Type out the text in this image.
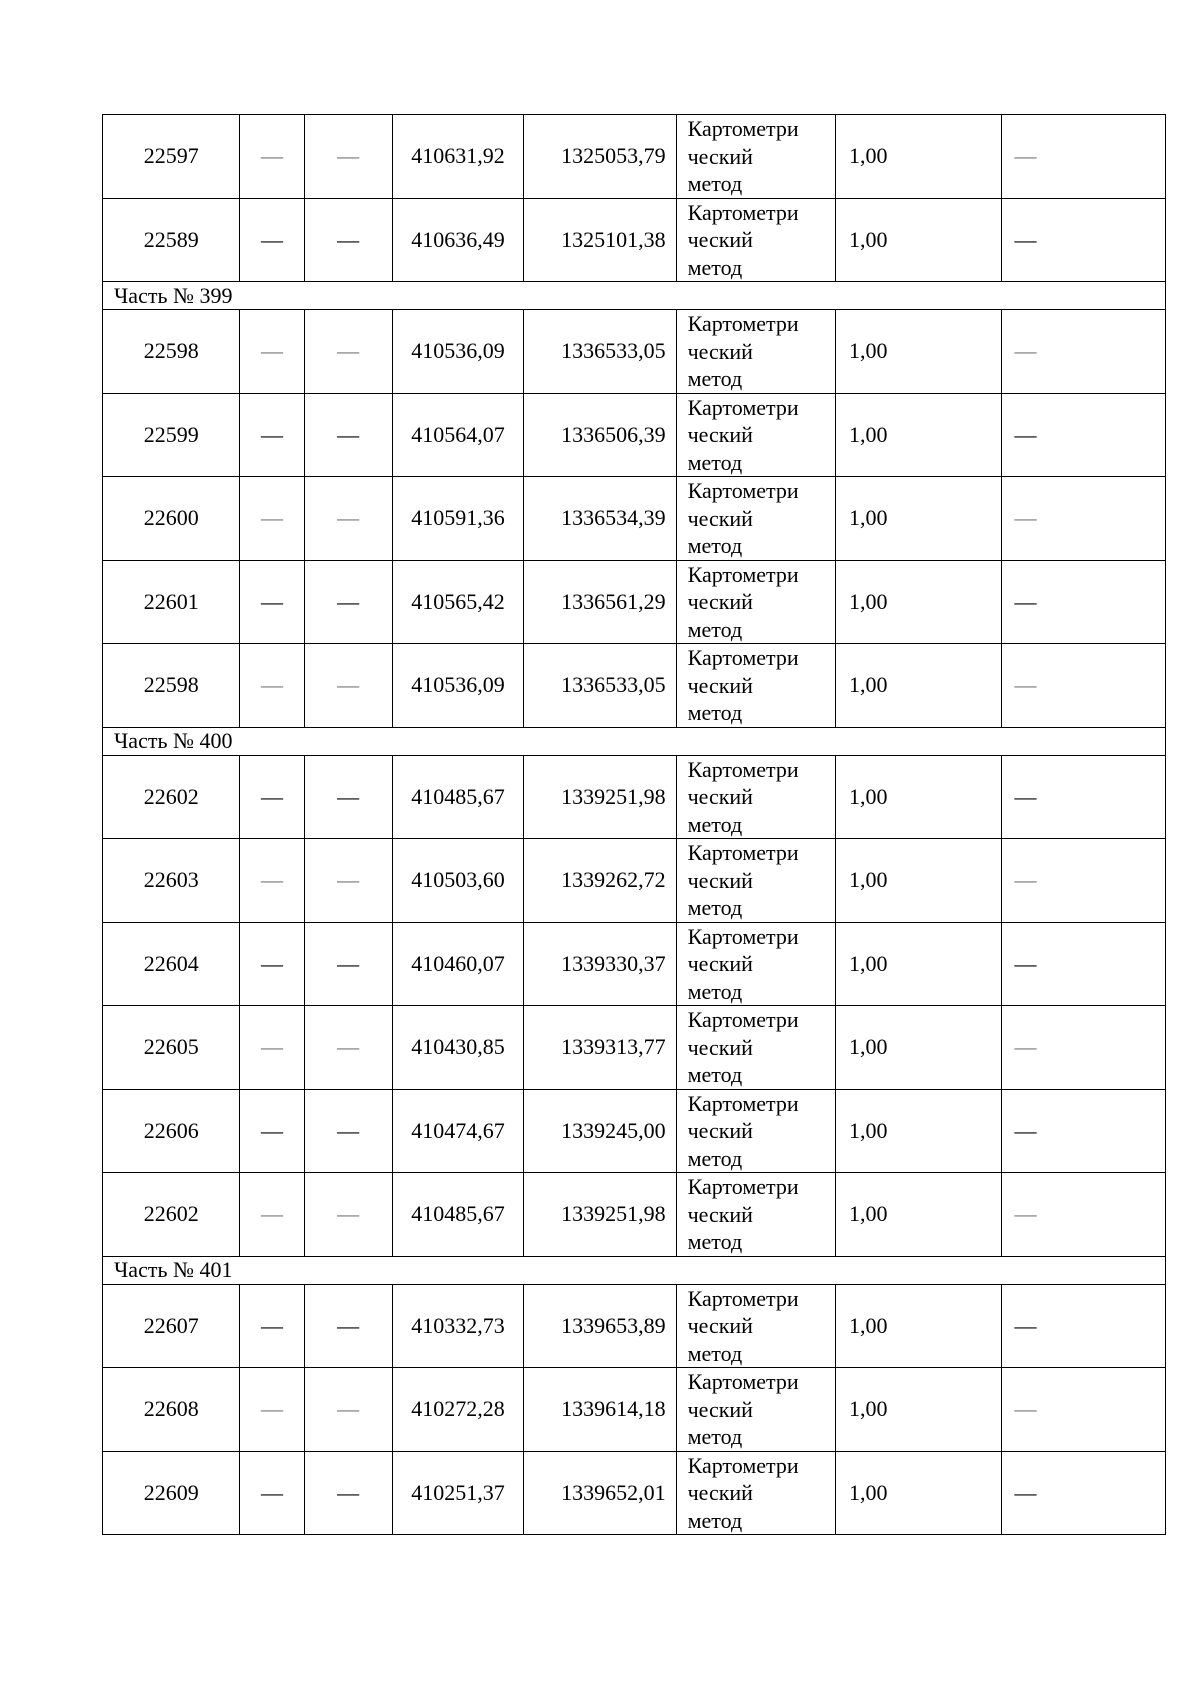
22597	—	—	410631,92	1325053,79	Картометри
ческий
метод	1,00	—
22589	—	—	410636,49	1325101,38	Картометри
ческий
метод	1,00	—
Часть № 399							
22598	—	—	410536,09	1336533,05	Картометри
ческий
метод	1,00	—
22599	—	—	410564,07	1336506,39	Картометри
ческий
метод	1,00	—
22600	—	—	410591,36	1336534,39	Картометри
ческий
метод	1,00	—
22601	—	—	410565,42	1336561,29	Картометри
ческий
метод	1,00	—
22598	—	—	410536,09	1336533,05	Картометри
ческий
метод	1,00	—
Часть № 400							
22602	—	—	410485,67	1339251,98	Картометри
ческий
метод	1,00	—
22603	—	—	410503,60	1339262,72	Картометри
ческий
метод	1,00	—
22604	—	—	410460,07	1339330,37	Картометри
ческий
метод	1,00	—
22605	—	—	410430,85	1339313,77	Картометри
ческий
метод	1,00	—
22606	—	—	410474,67	1339245,00	Картометри
ческий
метод	1,00	—
22602	—	—	410485,67	1339251,98	Картометри
ческий
метод	1,00	—
Часть № 401							
22607	—	—	410332,73	1339653,89	Картометри
ческий
метод	1,00	—
22608	—	—	410272,28	1339614,18	Картометри
ческий
метод	1,00	—
22609	—	—	410251,37	1339652,01	Картометри
ческий
метод	1,00	—
